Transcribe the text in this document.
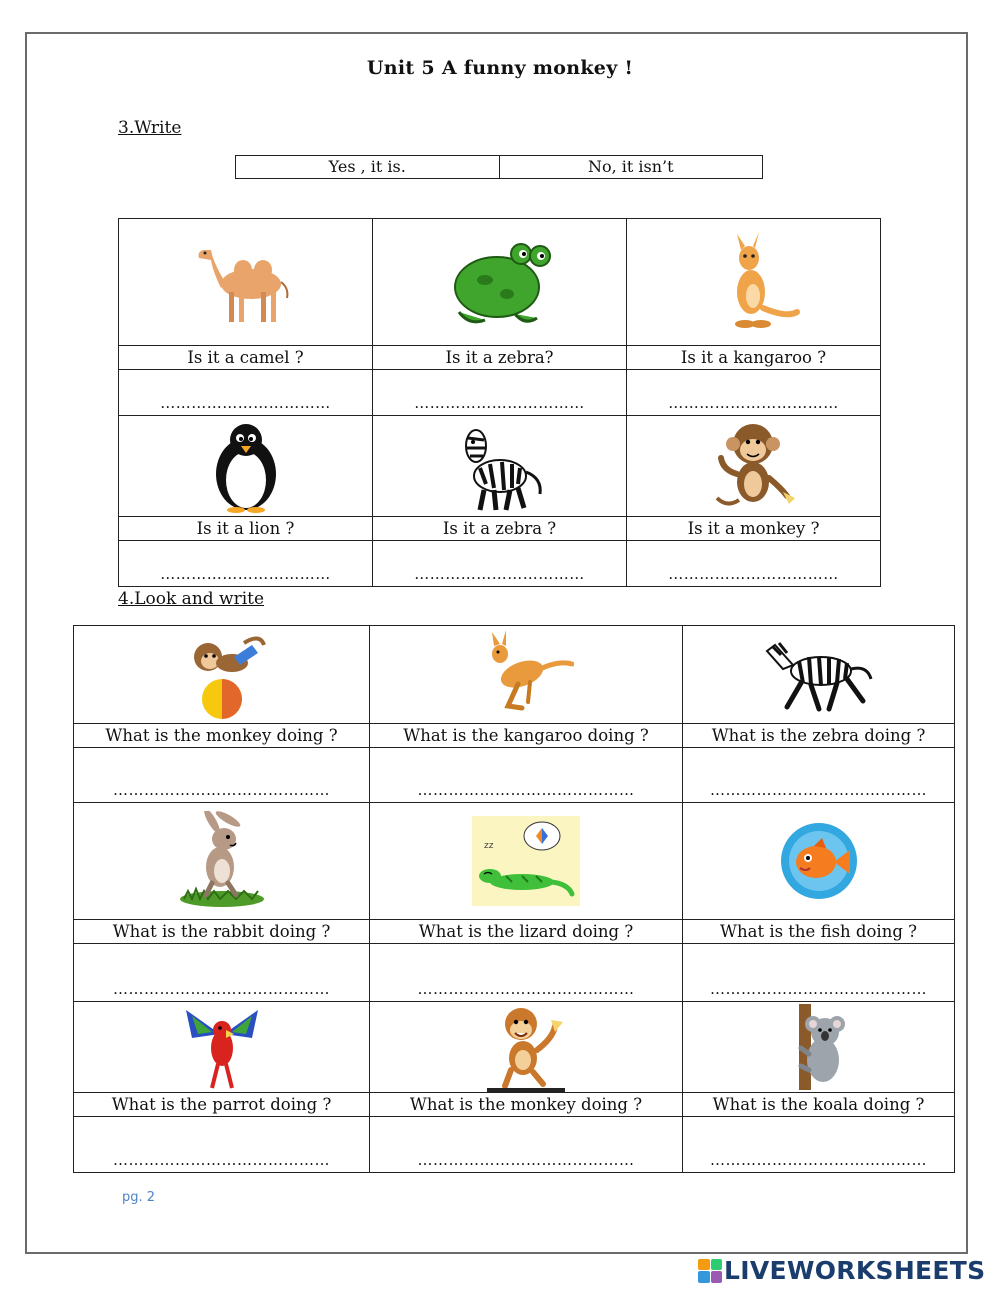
Unit 5 A funny monkey !
3.Write
Yes , it is.	No, it isn’t

Is it a camel ?	Is it a zebra?	Is it a kangaroo ?
……………………………	……………………………	……………………………

Is it a lion ?	Is it a zebra ?	Is it a monkey ?
……………………………	……………………………	……………………………
4.Look and write

What is the monkey doing ?	What is the kangaroo doing ?	What is the zebra doing ?
……………………………………	……………………………………	……………………………………

zz

What is the rabbit doing ?	What is the lizard doing ?	What is the fish doing ?
……………………………………	……………………………………	……………………………………

What is the parrot doing ?	What is the monkey doing ?	What is the koala doing ?
……………………………………	……………………………………	……………………………………
pg. 2
LIVEWORKSHEETS
